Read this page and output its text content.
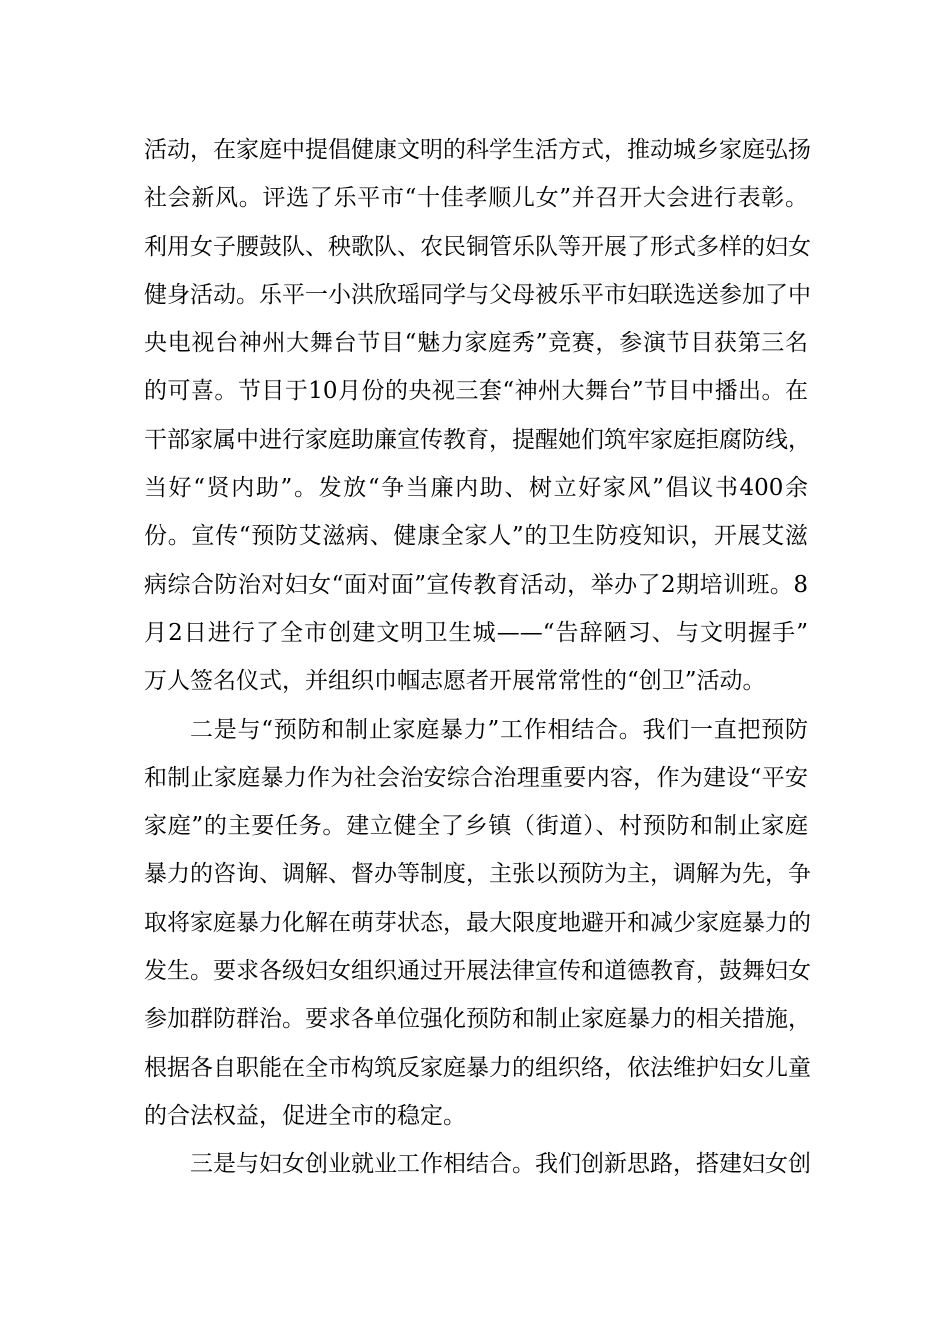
活动，在家庭中提倡健康文明的科学生活方式，推动城乡家庭弘扬
社会新风。评选了乐平市“十佳孝顺儿女”并召开大会进行表彰。
利用女子腰鼓队、秧歌队、农民铜管乐队等开展了形式多样的妇女
健身活动。乐平一小洪欣瑶同学与父母被乐平市妇联选送参加了中
央电视台神州大舞台节目“魅力家庭秀”竞赛，参演节目获第三名
的可喜。节目于10月份的央视三套“神州大舞台”节目中播出。在
干部家属中进行家庭助廉宣传教育，提醒她们筑牢家庭拒腐防线，
当好“贤内助”。发放“争当廉内助、树立好家风”倡议书400余
份。宣传“预防艾滋病、健康全家人”的卫生防疫知识，开展艾滋
病综合防治对妇女“面对面”宣传教育活动，举办了2期培训班。8
月2日进行了全市创建文明卫生城——“告辞陋习、与文明握手”
万人签名仪式，并组织巾帼志愿者开展常常性的“创卫”活动。
二是与“预防和制止家庭暴力”工作相结合。我们一直把预防
和制止家庭暴力作为社会治安综合治理重要内容，作为建设“平安
家庭”的主要任务。建立健全了乡镇（街道）、村预防和制止家庭
暴力的咨询、调解、督办等制度，主张以预防为主，调解为先，争
取将家庭暴力化解在萌芽状态，最大限度地避开和减少家庭暴力的
发生。要求各级妇女组织通过开展法律宣传和道德教育，鼓舞妇女
参加群防群治。要求各单位强化预防和制止家庭暴力的相关措施，
根据各自职能在全市构筑反家庭暴力的组织络，依法维护妇女儿童
的合法权益，促进全市的稳定。
三是与妇女创业就业工作相结合。我们创新思路，搭建妇女创
